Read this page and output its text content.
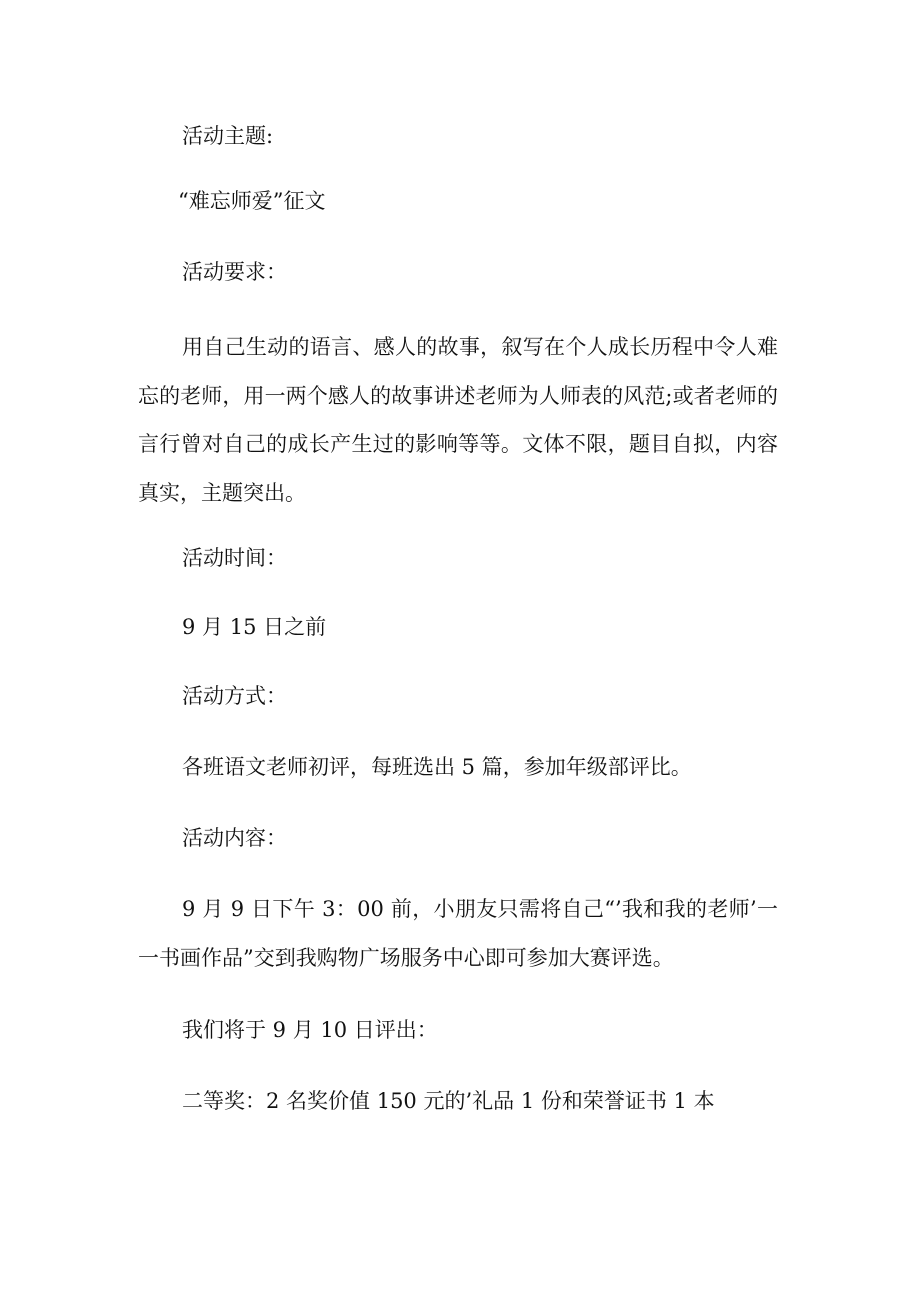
活动主题:
“难忘师爱”征文
活动要求：
用自己生动的语言、感人的故事，叙写在个人成长历程中令人难忘的老师，用一两个感人的故事讲述老师为人师表的风范;或者老师的言行曾对自己的成长产生过的影响等等。文体不限，题目自拟，内容真实，主题突出。
活动时间：
9 月 15 日之前
活动方式：
各班语文老师初评，每班选出 5 篇，参加年级部评比。
活动内容：
9 月 9 日下午 3：00 前，小朋友只需将自己“’我和我的老师’一一书画作品”交到我购物广场服务中心即可参加大赛评选。
我们将于 9 月 10 日评出：
二等奖：2 名奖价值 150 元的’礼品 1 份和荣誉证书 1 本
